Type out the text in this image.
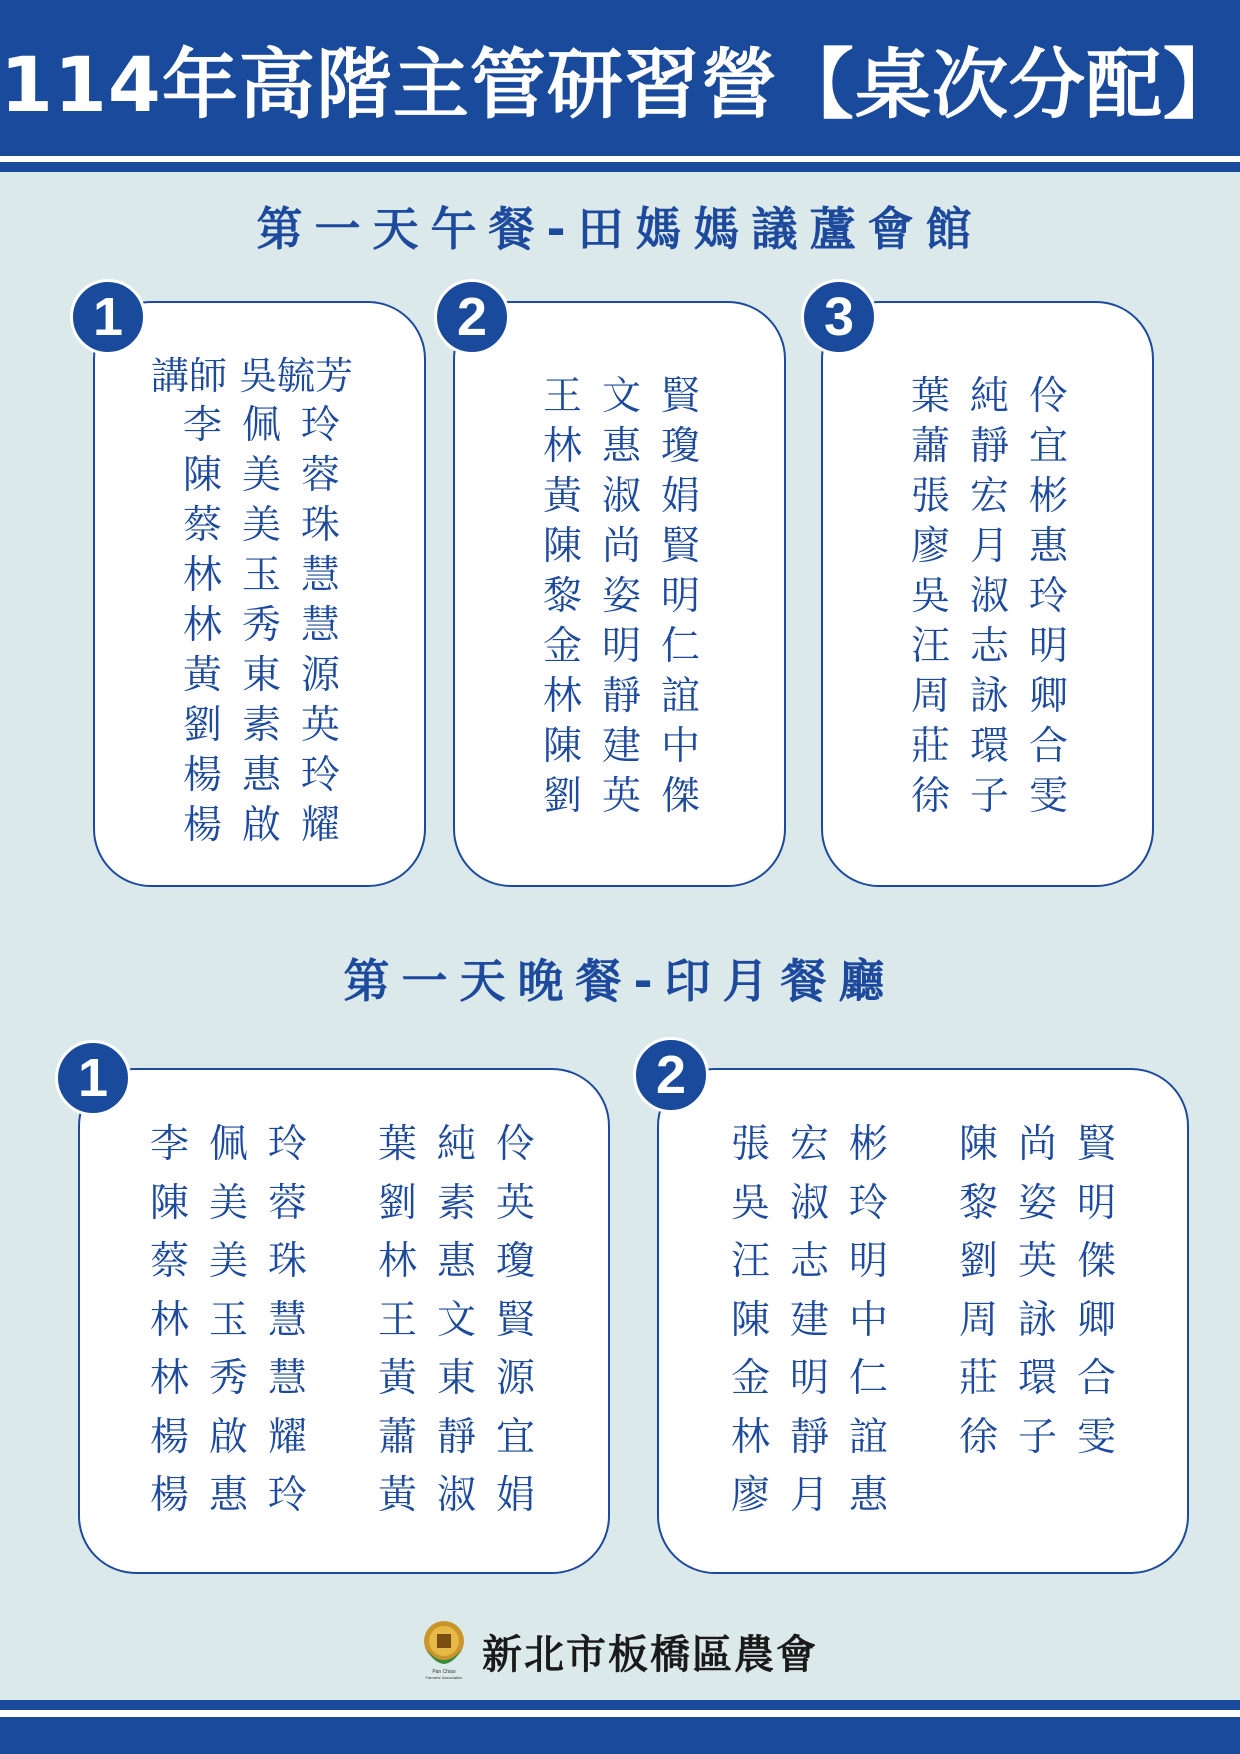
114年高階主管研習營【桌次分配】
第一天午餐-田媽媽議蘆會館
講師 吳毓芳
李佩玲
陳美蓉
蔡美珠
林玉慧
林秀慧
黃東源
劉素英
楊惠玲
楊啟耀
1
王文賢
林惠瓊
黃淑娟
陳尚賢
黎姿明
金明仁
林靜誼
陳建中
劉英傑
2
葉純伶
蕭靜宜
張宏彬
廖月惠
吳淑玲
汪志明
周詠卿
莊環合
徐子雯
3
第一天晚餐-印月餐廳
李佩玲
陳美蓉
蔡美珠
林玉慧
林秀慧
楊啟耀
楊惠玲
葉純伶
劉素英
林惠瓊
王文賢
黃東源
蕭靜宜
黃淑娟
1
張宏彬
吳淑玲
汪志明
陳建中
金明仁
林靜誼
廖月惠
陳尚賢
黎姿明
劉英傑
周詠卿
莊環合
徐子雯
2
Pan Chiao
Farmers' Association 新北市板橋區農會
